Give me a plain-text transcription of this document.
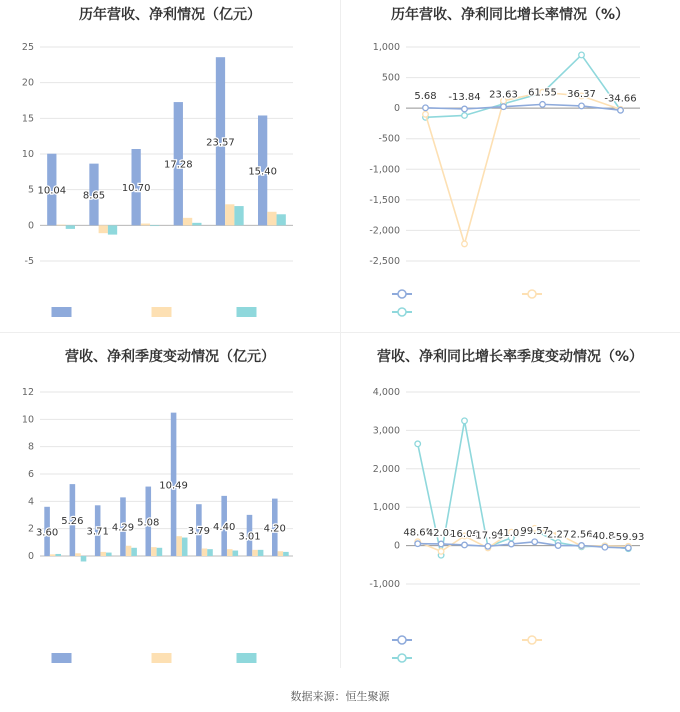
历年营收、净利情况（亿元）
-5
0
5
10
15
20
25
10.04 8.65
10.70
17.28
23.57
15.40
历年营收、净利同比增长率情况（%）
-2,500
-2,000
-1,500
-1,000
-500
0
500
1,000
5.68 -13.84 23.63 61.55 36.37 -34.66
营收、净利季度变动情况（亿元）
0
2
4
6
8
10
12
3.60
5.26
3.71 4.29 5.08
10.49
3.79 4.40
3.01
4.20
营收、净利同比增长率季度变动情况（%）
-1,000
0
1,000
2,000
3,000
4,000
48.65
42.02
16.06
-17.99
41.01
99.57
2.27 2.56
-40.83
-59.93
数据来源：恒生聚源
